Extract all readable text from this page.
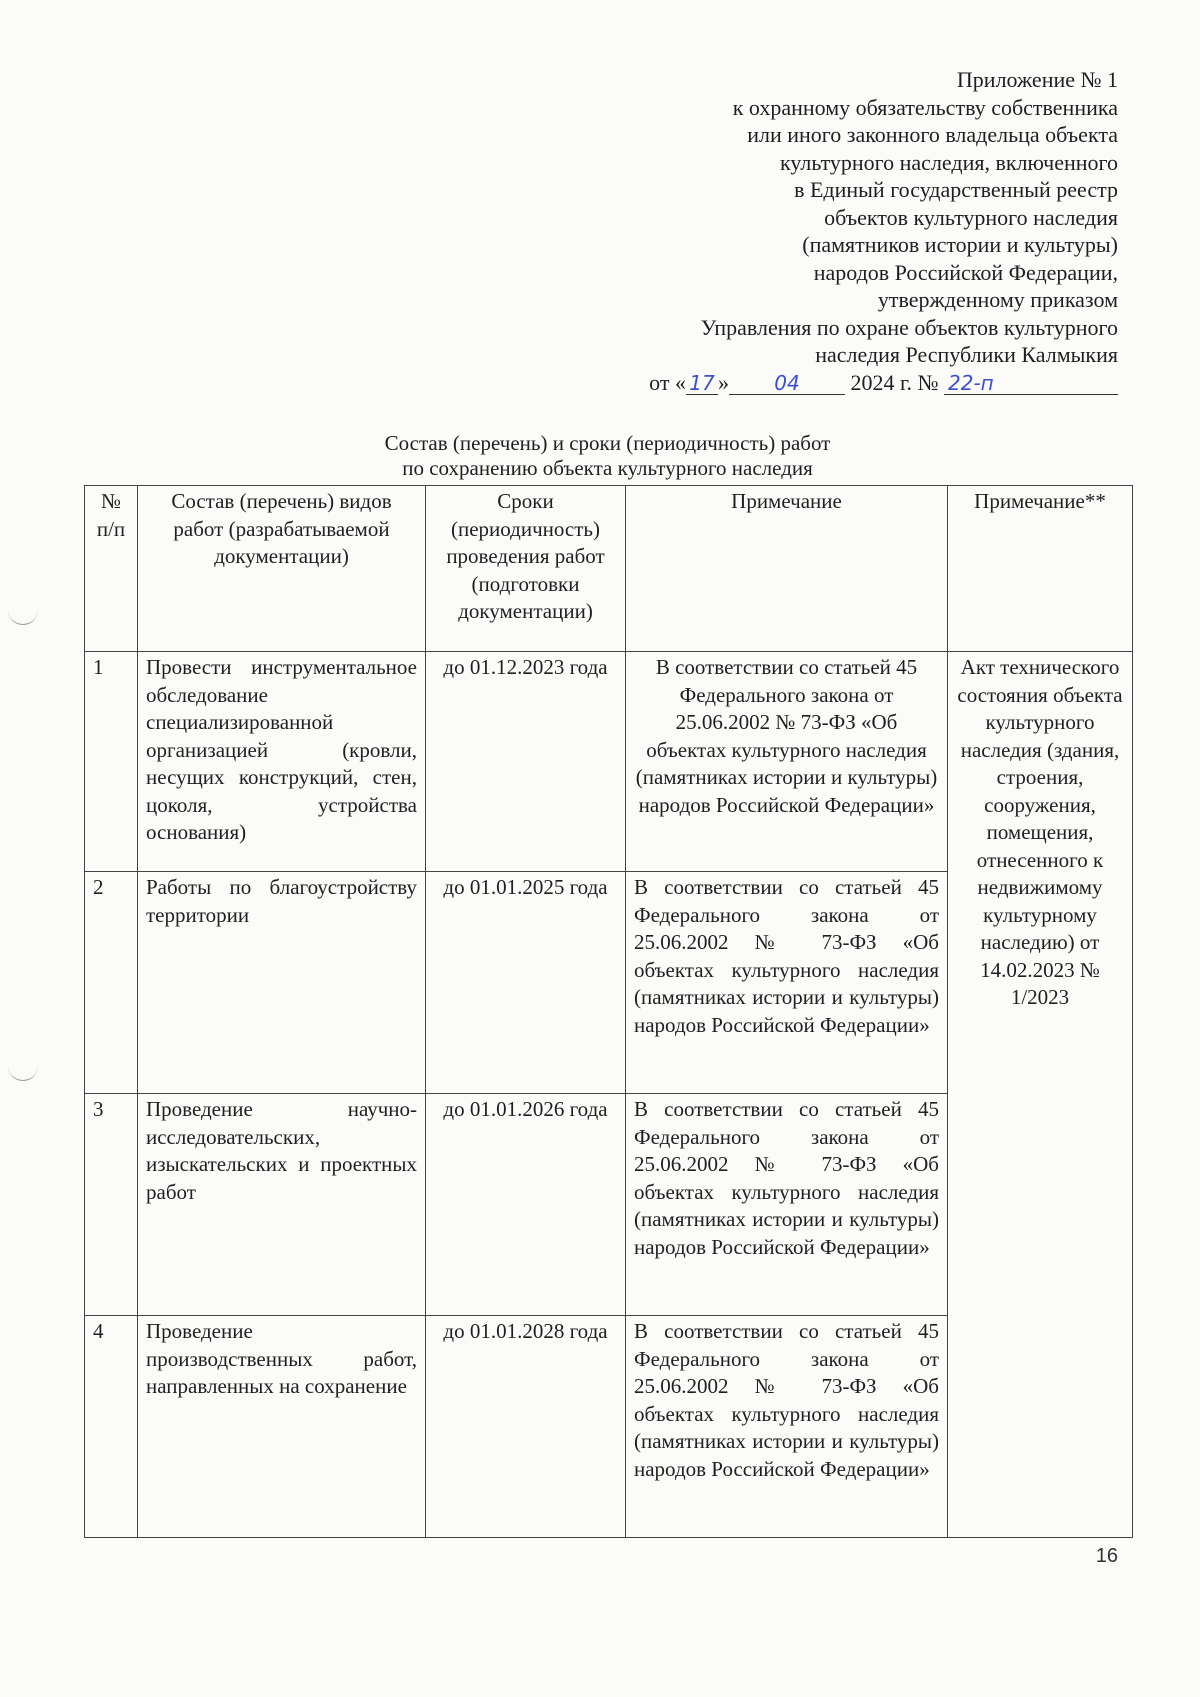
Приложение № 1
к охранному обязательству собственника
или иного законного владельца объекта
культурного наследия, включенного
в Единый государственный реестр
объектов культурного наследия
(памятников истории и культуры)
народов Российской Федерации,
утвержденному приказом
Управления по охране объектов культурного
наследия Республики Калмыкия
от « 17 » 04 2024 г. № 22-п
Состав (перечень) и сроки (периодичность) работ
по сохранению объекта культурного наследия
№ п/п	Состав (перечень) видов работ (разрабатываемой документации)	Сроки (периодичность) проведения работ (подготовки документации)	Примечание	Примечание**
1	Провести инструментальное обследование специализированной организацией (кровли, несущих конструкций, стен, цоколя, устройства основания)	до 01.12.2023 года	В соответствии со статьей 45 Федерального закона от 25.06.2002 № 73-ФЗ «Об объектах культурного наследия (памятниках истории и культуры) народов Российской Федерации»	Акт технического состояния объекта культурного наследия (здания, строения, сооружения, помещения, отнесенного к недвижимому культурному наследию) от 14.02.2023 № 1/2023
2	Работы по благоустройству территории	до 01.01.2025 года	В соответствии со статьей 45 Федерального закона от 25.06.2002 № 73-ФЗ «Об объектах культурного наследия (памятниках истории и культуры) народов Российской Федерации»	
3	Проведение научно-исследовательских, изыскательских и проектных работ	до 01.01.2026 года	В соответствии со статьей 45 Федерального закона от 25.06.2002 № 73-ФЗ «Об объектах культурного наследия (памятниках истории и культуры) народов Российской Федерации»	
4	Проведение производственных работ, направленных на сохранение	до 01.01.2028 года	В соответствии со статьей 45 Федерального закона от 25.06.2002 № 73-ФЗ «Об объектах культурного наследия (памятниках истории и культуры) народов Российской Федерации»	
16
